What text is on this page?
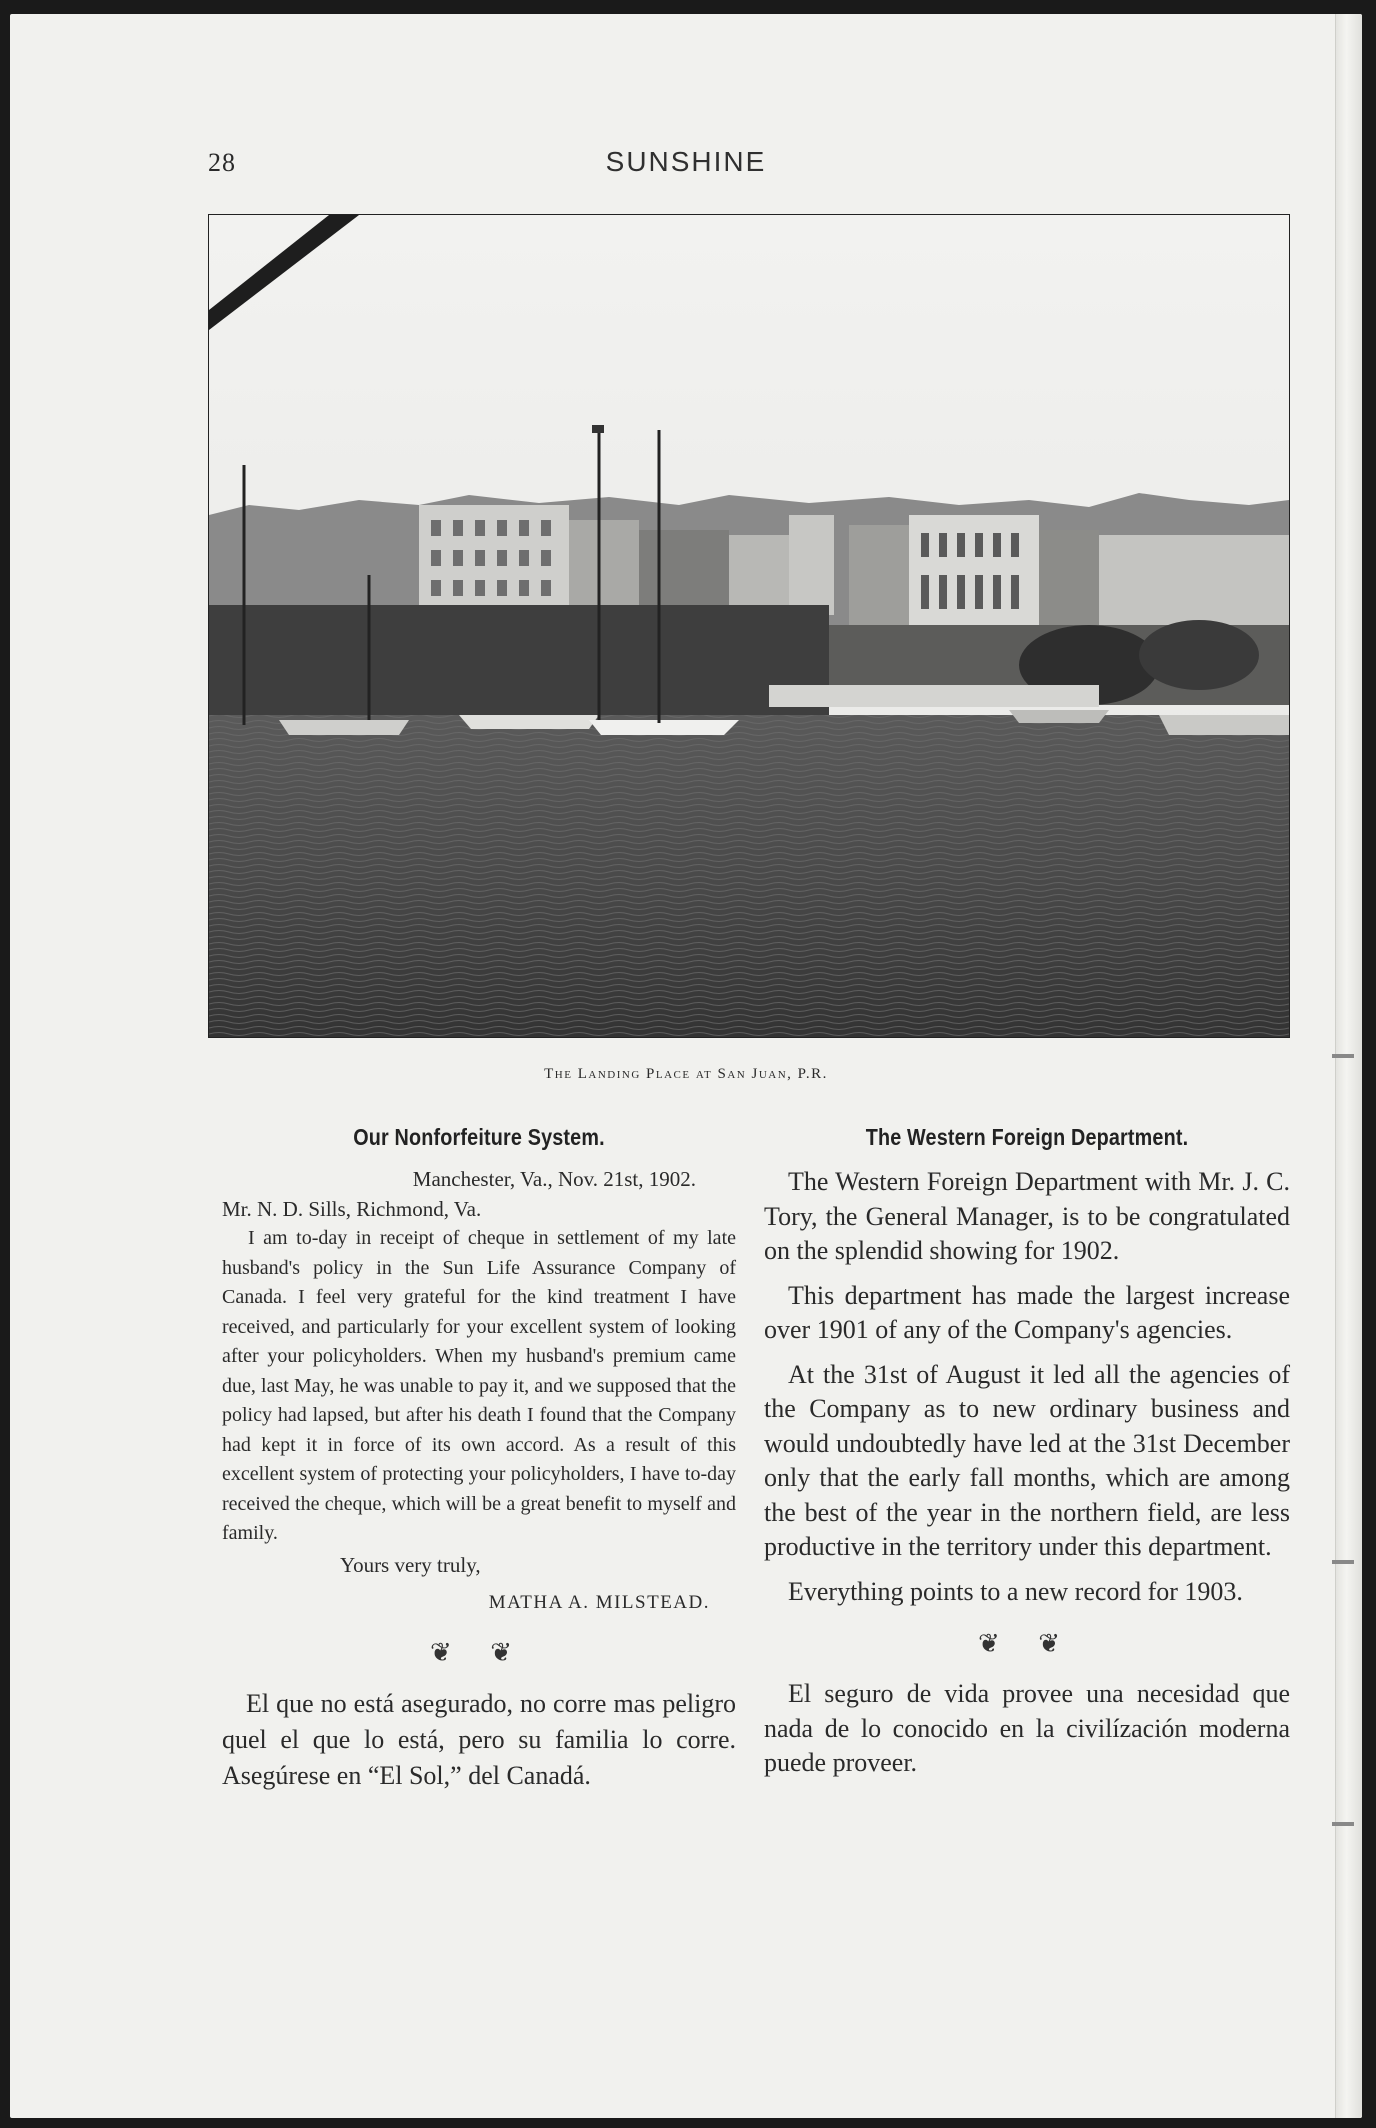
28	SUNSHINE
The Landing Place at San Juan, P.R.
Our Nonforfeiture System.
Manchester, Va., Nov. 21st, 1902.
Mr. N. D. Sills, Richmond, Va.
I am to-day in receipt of cheque in settlement of my late husband's policy in the Sun Life Assurance Company of Canada. I feel very grateful for the kind treatment I have received, and particularly for your excellent system of looking after your policyholders. When my husband's premium came due, last May, he was unable to pay it, and we supposed that the policy had lapsed, but after his death I found that the Company had kept it in force of its own accord. As a result of this excellent system of protecting your policyholders, I have to-day received the cheque, which will be a great benefit to myself and family.
Yours very truly,
MATHA A. MILSTEAD.
❦ ❦

El que no está asegurado, no corre mas peligro quel el que lo está, pero su familia lo corre. Asegúrese en “El Sol,” del Canadá.

The Western Foreign Department.

The Western Foreign Department with Mr. J. C. Tory, the General Manager, is to be congratulated on the splendid showing for 1902.

This department has made the largest increase over 1901 of any of the Company's agencies.

At the 31st of August it led all the agencies of the Company as to new ordinary business and would undoubtedly have led at the 31st December only that the early fall months, which are among the best of the year in the northern field, are less productive in the territory under this department.

Everything points to a new record for 1903.

❦ ❦

El seguro de vida provee una necesidad que nada de lo conocido en la civilízación moderna puede proveer.
